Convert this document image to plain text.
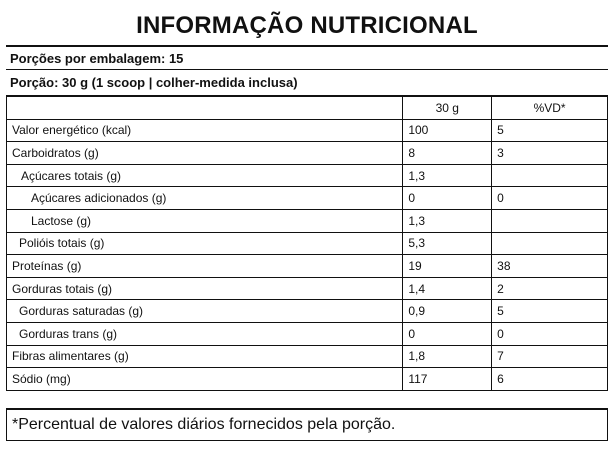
INFORMAÇÃO NUTRICIONAL
Porções por embalagem: 15
Porção: 30 g (1 scoop | colher-medida inclusa)
	30 g	%VD*
Valor energético (kcal)	100	5
Carboidratos (g)	8	3
Açúcares totais (g)	1,3	
Açúcares adicionados (g)	0	0
Lactose (g)	1,3	
Polióis totais (g)	5,3	
Proteínas (g)	19	38
Gorduras totais (g)	1,4	2
Gorduras saturadas (g)	0,9	5
Gorduras trans (g)	0	0
Fibras alimentares (g)	1,8	7
Sódio (mg)	117	6
*Percentual de valores diários fornecidos pela porção.
